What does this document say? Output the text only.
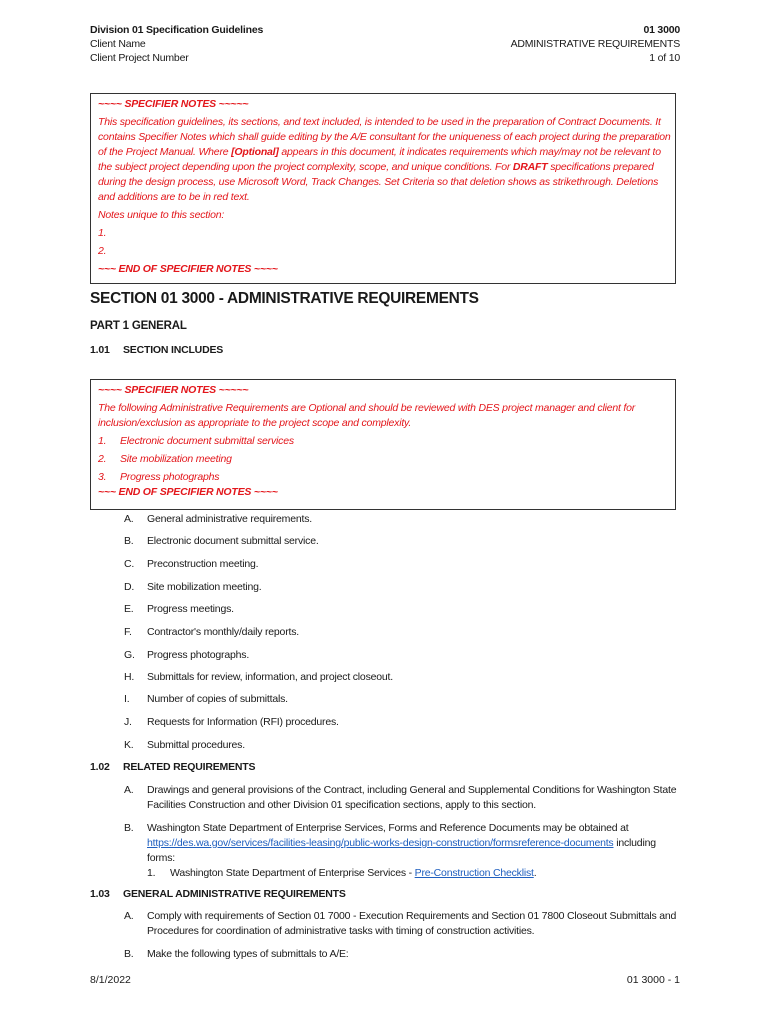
Division 01 Specification Guidelines
Client Name
Client Project Number
01 3000
ADMINISTRATIVE REQUIREMENTS
1 of 10
~~~~ SPECIFIER NOTES ~~~~~
This specification guidelines, its sections, and text included, is intended to be used in the preparation of Contract Documents. It contains Specifier Notes which shall guide editing by the A/E consultant for the uniqueness of each project during the preparation of the Project Manual. Where [Optional] appears in this document, it indicates requirements which may/may not be relevant to the subject project depending upon the project complexity, scope, and unique conditions. For DRAFT specifications prepared during the design process, use Microsoft Word, Track Changes. Set Criteria so that deletion shows as strikethrough. Deletions and additions are to be in red text.
Notes unique to this section:
1.
2.
~~~ END OF SPECIFIER NOTES ~~~~
SECTION 01 3000 - ADMINISTRATIVE REQUIREMENTS
PART 1 GENERAL
1.01 SECTION INCLUDES
~~~~ SPECIFIER NOTES ~~~~~
The following Administrative Requirements are Optional and should be reviewed with DES project manager and client for inclusion/exclusion as appropriate to the project scope and complexity.
1. Electronic document submittal services
2. Site mobilization meeting
3. Progress photographs
~~~ END OF SPECIFIER NOTES ~~~~
A. General administrative requirements.
B. Electronic document submittal service.
C. Preconstruction meeting.
D. Site mobilization meeting.
E. Progress meetings.
F. Contractor's monthly/daily reports.
G. Progress photographs.
H. Submittals for review, information, and project closeout.
I. Number of copies of submittals.
J. Requests for Information (RFI) procedures.
K. Submittal procedures.
1.02 RELATED REQUIREMENTS
A. Drawings and general provisions of the Contract, including General and Supplemental Conditions for Washington State Facilities Construction and other Division 01 specification sections, apply to this section.
B. Washington State Department of Enterprise Services, Forms and Reference Documents may be obtained at https://des.wa.gov/services/facilities-leasing/public-works-design-construction/formsreference-documents including forms:
1. Washington State Department of Enterprise Services - Pre-Construction Checklist.
1.03 GENERAL ADMINISTRATIVE REQUIREMENTS
A. Comply with requirements of Section 01 7000 - Execution Requirements and Section 01 7800 Closeout Submittals and Procedures for coordination of administrative tasks with timing of construction activities.
B. Make the following types of submittals to A/E:
8/1/2022	01 3000 - 1
